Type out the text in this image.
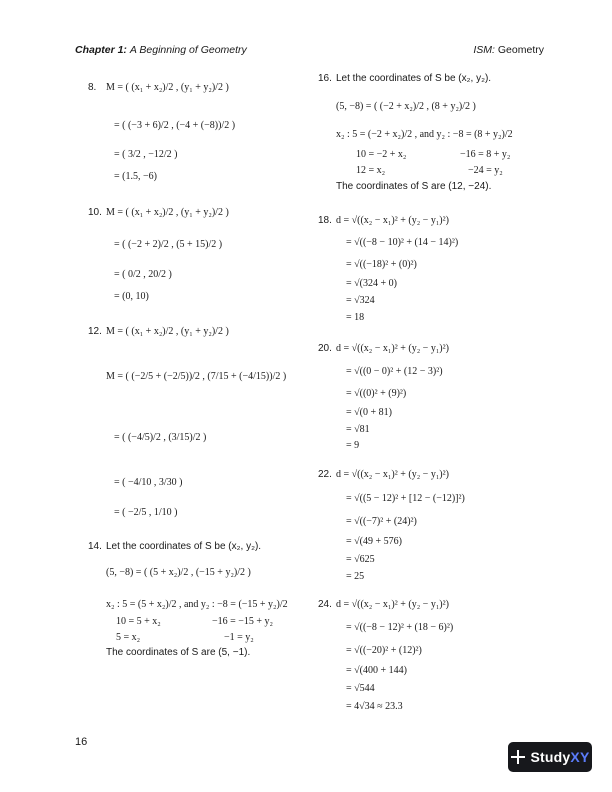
Chapter 1: A Beginning of Geometry	ISM: Geometry
8. M = ( (x₁ + x₂)/2 , (y₁ + y₂)/2 )
= ( (−3 + 6)/2 , (−4 + (−8))/2 )
= ( 3/2 , −12/2 )
= (1.5, −6)
10. M = ( (x₁ + x₂)/2 , (y₁ + y₂)/2 )
= ( (−2 + 2)/2 , (5 + 15)/2 )
= ( 0/2 , 20/2 )
= (0, 10)
12. M = ( (x₁ + x₂)/2 , (y₁ + y₂)/2 )
M = ( (−2/5 + (−2/5))/2 , (7/15 + (−4/15))/2 )
= ( (−4/5)/2 , (3/15)/2 )
= ( −4/10 , 3/30 )
= ( −2/5 , 1/10 )
14. Let the coordinates of S be (x₂, y₂).
(5, −8) = ( (5 + x₂)/2 , (−15 + y₂)/2 )
x₂ : 5 = (5 + x₂)/2 , and y₂ : −8 = (−15 + y₂)/2
10 = 5 + x₂	−16 = −15 + y₂
5 = x₂	−1 = y₂
The coordinates of S are (5, −1).
16. Let the coordinates of S be (x₂, y₂).
(5, −8) = ( (−2 + x₂)/2 , (8 + y₂)/2 )
x₂ : 5 = (−2 + x₂)/2 , and y₂ : −8 = (8 + y₂)/2
10 = −2 + x₂	−16 = 8 + y₂
12 = x₂	−24 = y₂
The coordinates of S are (12, −24).
18. d = √((x₂ − x₁)² + (y₂ − y₁)²)
= √((−8 − 10)² + (14 − 14)²)
= √((−18)² + (0)²)
= √(324 + 0)
= √324
= 18
20. d = √((x₂ − x₁)² + (y₂ − y₁)²)
= √((0 − 0)² + (12 − 3)²)
= √((0)² + (9)²)
= √(0 + 81)
= √81
= 9
22. d = √((x₂ − x₁)² + (y₂ − y₁)²)
= √((5 − 12)² + [12 − (−12)]²)
= √((−7)² + (24)²)
= √(49 + 576)
= √625
= 25
24. d = √((x₂ − x₁)² + (y₂ − y₁)²)
= √((−8 − 12)² + (18 − 6)²)
= √((−20)² + (12)²)
= √(400 + 144)
= √544
= 4√34 ≈ 23.3
16
StudyXY
